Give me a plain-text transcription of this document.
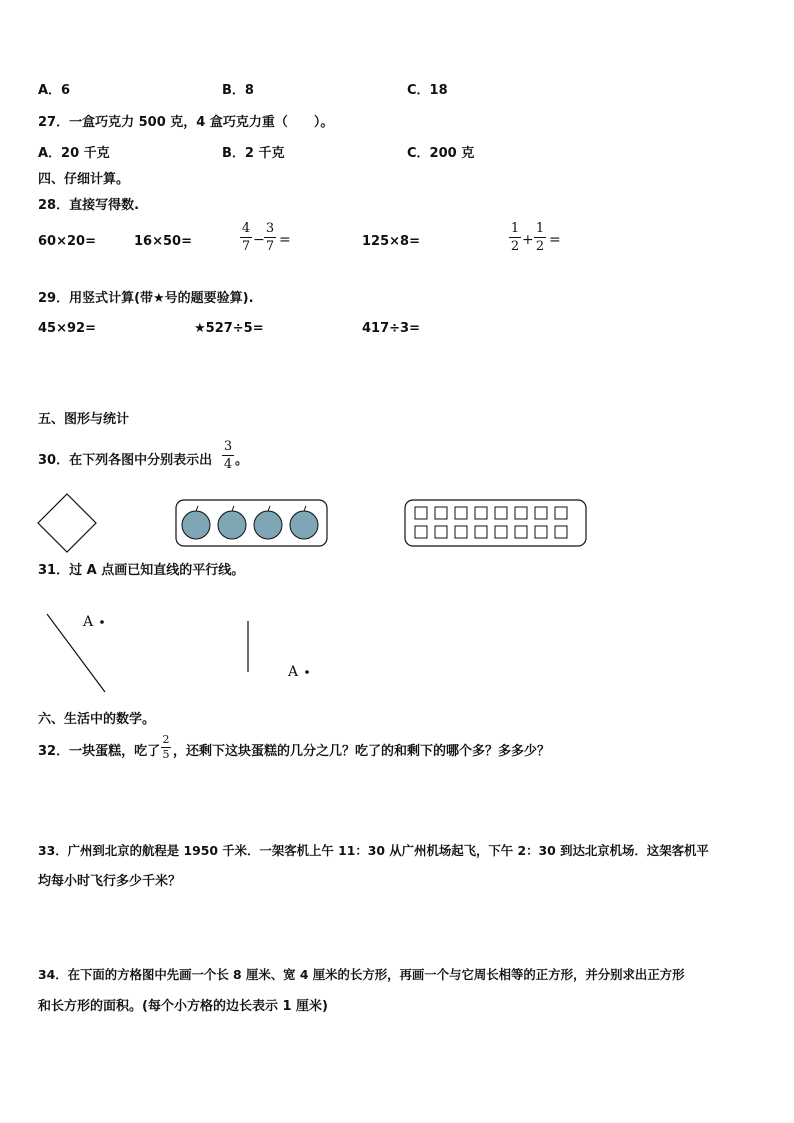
A．6	B．8	C．18
27．一盒巧克力 500 克，4 盒巧克力重（　　）。
A．20 千克	B．2 千克	C．200 克
四、仔细计算。
28．直接写得数.
60×20=	16×50=
4
7 −
3
7 =	125×8=
1
2 +
1
2 =
29．用竖式计算(带★号的题要验算).
45×92=	★527÷5=	417÷3=
五、图形与统计
30．在下列各图中分别表示出
3
4 。
31．过 A 点画已知直线的平行线。
A
A
六、生活中的数学。
32．一块蛋糕，吃了
2
5 ，还剩下这块蛋糕的几分之几？吃了的和剩下的哪个多？多多少？
33．广州到北京的航程是 1950 千米．一架客机上午 11：30 从广州机场起飞，下午 2：30 到达北京机场．这架客机平
均每小时飞行多少千米？
34．在下面的方格图中先画一个长 8 厘米、宽 4 厘米的长方形，再画一个与它周长相等的正方形，并分别求出正方形
和长方形的面积。(每个小方格的边长表示 1 厘米)
